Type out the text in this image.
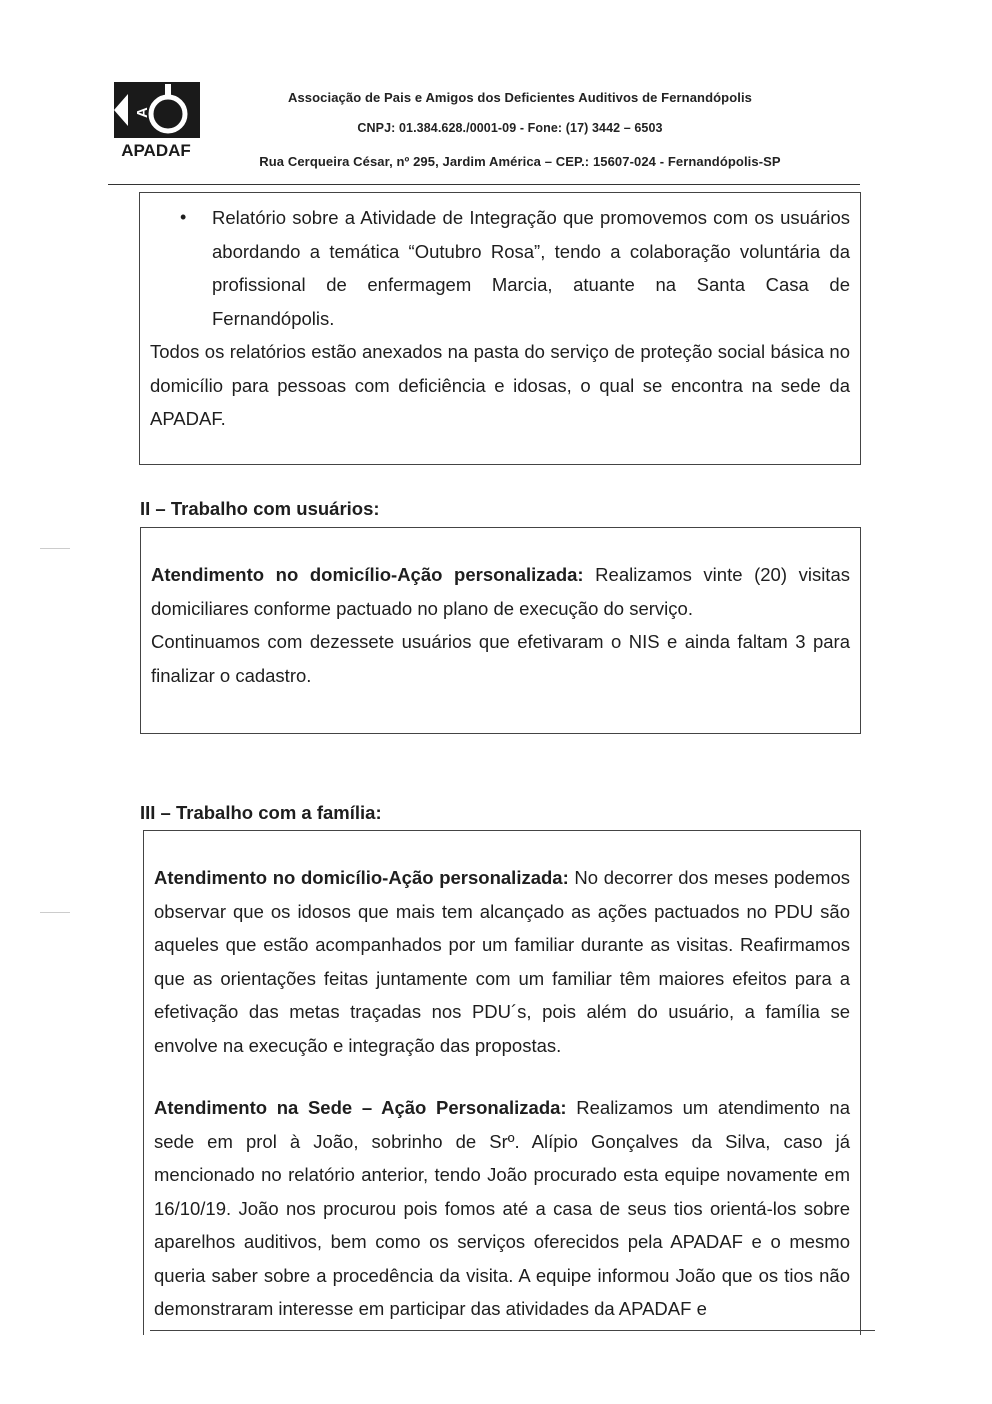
A
APADAF
Associação de Pais e Amigos dos Deficientes Auditivos de Fernandópolis
CNPJ: 01.384.628./0001-09 - Fone: (17) 3442 – 6503
Rua Cerqueira César, nº 295, Jardim América – CEP.: 15607-024 - Fernandópolis-SP
• Relatório sobre a Atividade de Integração que promovemos com os usuários abordando a temática “Outubro Rosa”, tendo a colaboração voluntária da profissional de enfermagem Marcia, atuante na Santa Casa de Fernandópolis.

Todos os relatórios estão anexados na pasta do serviço de proteção social básica no domicílio para pessoas com deficiência e idosas, o qual se encontra na sede da APADAF.

II – Trabalho com usuários:

Atendimento no domicílio-Ação personalizada: Realizamos vinte (20) visitas domiciliares conforme pactuado no plano de execução do serviço.

Continuamos com dezessete usuários que efetivaram o NIS e ainda faltam 3 para finalizar o cadastro.

III – Trabalho com a família:

Atendimento no domicílio-Ação personalizada: No decorrer dos meses podemos observar que os idosos que mais tem alcançado as ações pactuados no PDU são aqueles que estão acompanhados por um familiar durante as visitas. Reafirmamos que as orientações feitas juntamente com um familiar têm maiores efeitos para a efetivação das metas traçadas nos PDU´s, pois além do usuário, a família se envolve na execução e integração das propostas.

Atendimento na Sede – Ação Personalizada: Realizamos um atendimento na sede em prol à João, sobrinho de Srº. Alípio Gonçalves da Silva, caso já mencionado no relatório anterior, tendo João procurado esta equipe novamente em 16/10/19. João nos procurou pois fomos até a casa de seus tios orientá-los sobre aparelhos auditivos, bem como os serviços oferecidos pela APADAF e o mesmo queria saber sobre a procedência da visita. A equipe informou João que os tios não demonstraram interesse em participar das atividades da APADAF e
